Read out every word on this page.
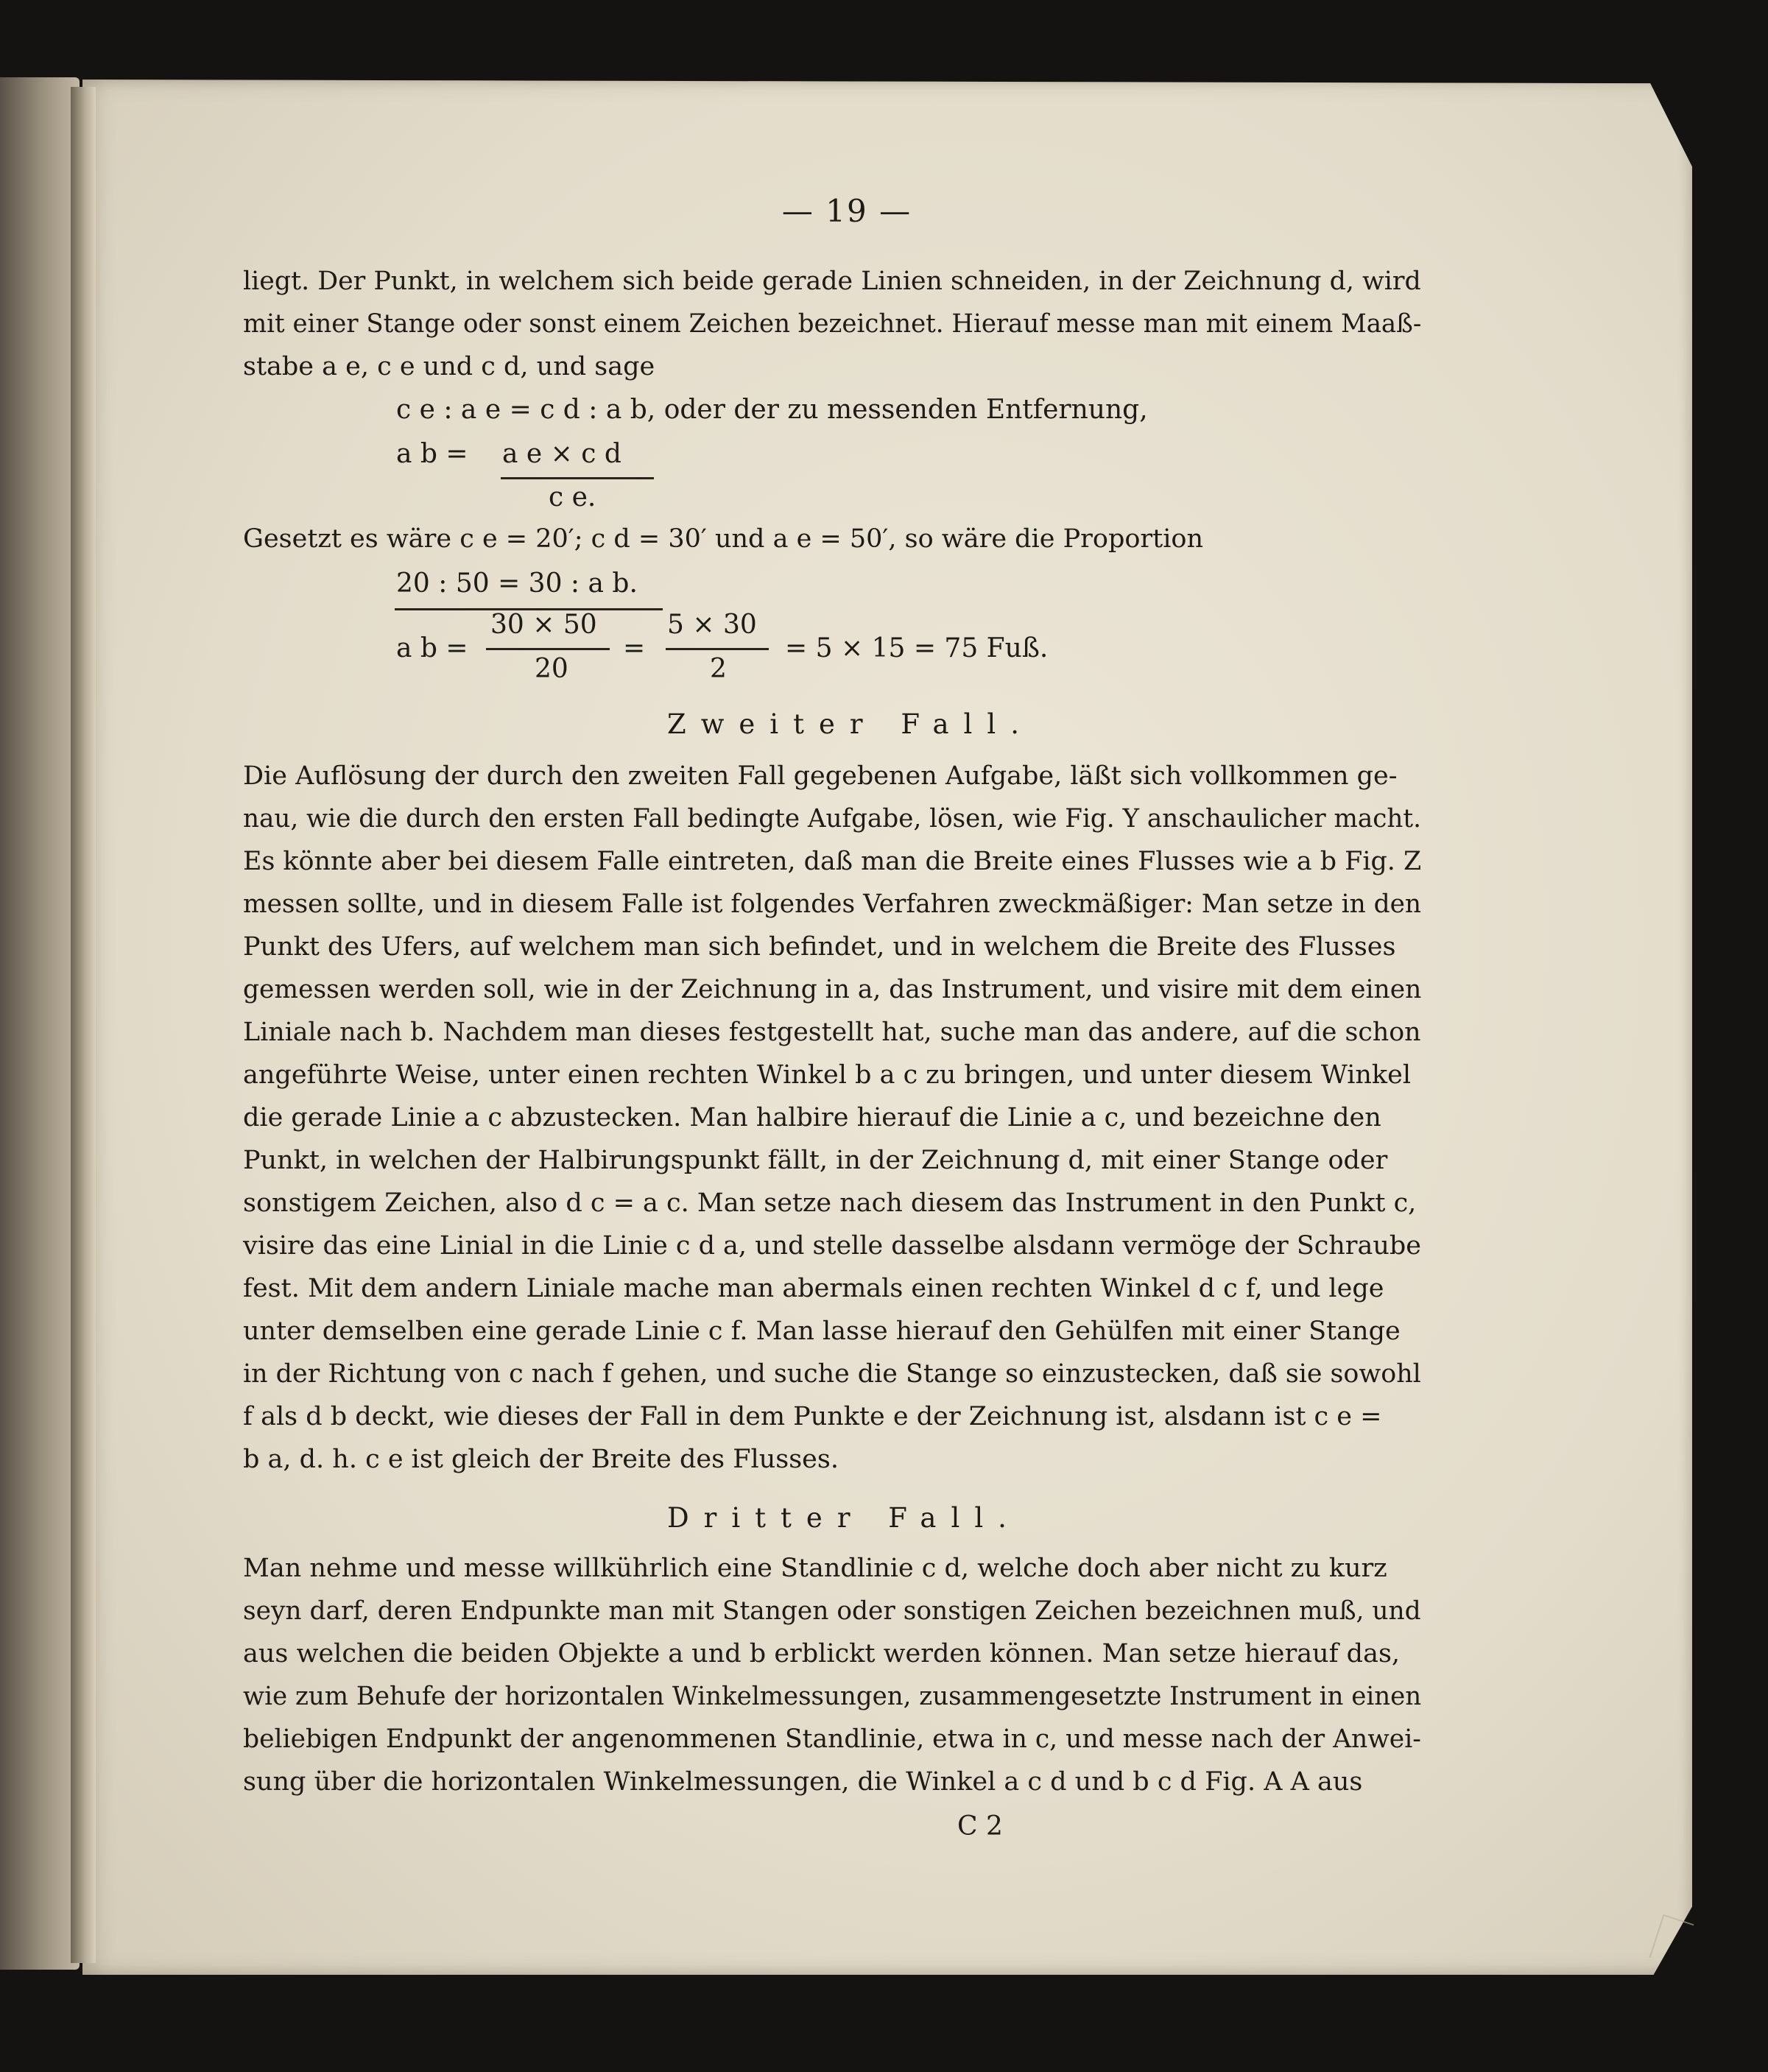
— 19 —
liegt. Der Punkt, in welchem sich beide gerade Linien schneiden, in der Zeichnung d, wird
mit einer Stange oder sonst einem Zeichen bezeichnet. Hierauf messe man mit einem Maaß-
stabe a e, c e und c d, und sage
c e : a e = c d : a b, oder der zu messenden Entfernung,
a b = a e × c d
c e.
Gesetzt es wäre c e = 20′; c d = 30′ und a e = 50′, so wäre die Proportion
20 : 50 = 30 : a b.
a b =
30 × 50
20
=
5 × 30
2
= 5 × 15 = 75 Fuß.
Zweiter Fall.
Die Auflösung der durch den zweiten Fall gegebenen Aufgabe, läßt sich vollkommen ge-
nau, wie die durch den ersten Fall bedingte Aufgabe, lösen, wie Fig. Y anschaulicher macht.
Es könnte aber bei diesem Falle eintreten, daß man die Breite eines Flusses wie a b Fig. Z
messen sollte, und in diesem Falle ist folgendes Verfahren zweckmäßiger: Man setze in den
Punkt des Ufers, auf welchem man sich befindet, und in welchem die Breite des Flusses
gemessen werden soll, wie in der Zeichnung in a, das Instrument, und visire mit dem einen
Liniale nach b. Nachdem man dieses festgestellt hat, suche man das andere, auf die schon
angeführte Weise, unter einen rechten Winkel b a c zu bringen, und unter diesem Winkel
die gerade Linie a c abzustecken. Man halbire hierauf die Linie a c, und bezeichne den
Punkt, in welchen der Halbirungspunkt fällt, in der Zeichnung d, mit einer Stange oder
sonstigem Zeichen, also d c = a c. Man setze nach diesem das Instrument in den Punkt c,
visire das eine Linial in die Linie c d a, und stelle dasselbe alsdann vermöge der Schraube
fest. Mit dem andern Liniale mache man abermals einen rechten Winkel d c f, und lege
unter demselben eine gerade Linie c f. Man lasse hierauf den Gehülfen mit einer Stange
in der Richtung von c nach f gehen, und suche die Stange so einzustecken, daß sie sowohl
f als d b deckt, wie dieses der Fall in dem Punkte e der Zeichnung ist, alsdann ist c e =
b a, d. h. c e ist gleich der Breite des Flusses.
Dritter Fall.
Man nehme und messe willkührlich eine Standlinie c d, welche doch aber nicht zu kurz
seyn darf, deren Endpunkte man mit Stangen oder sonstigen Zeichen bezeichnen muß, und
aus welchen die beiden Objekte a und b erblickt werden können. Man setze hierauf das,
wie zum Behufe der horizontalen Winkelmessungen, zusammengesetzte Instrument in einen
beliebigen Endpunkt der angenommenen Standlinie, etwa in c, und messe nach der Anwei-
sung über die horizontalen Winkelmessungen, die Winkel a c d und b c d Fig. A A aus
C 2
